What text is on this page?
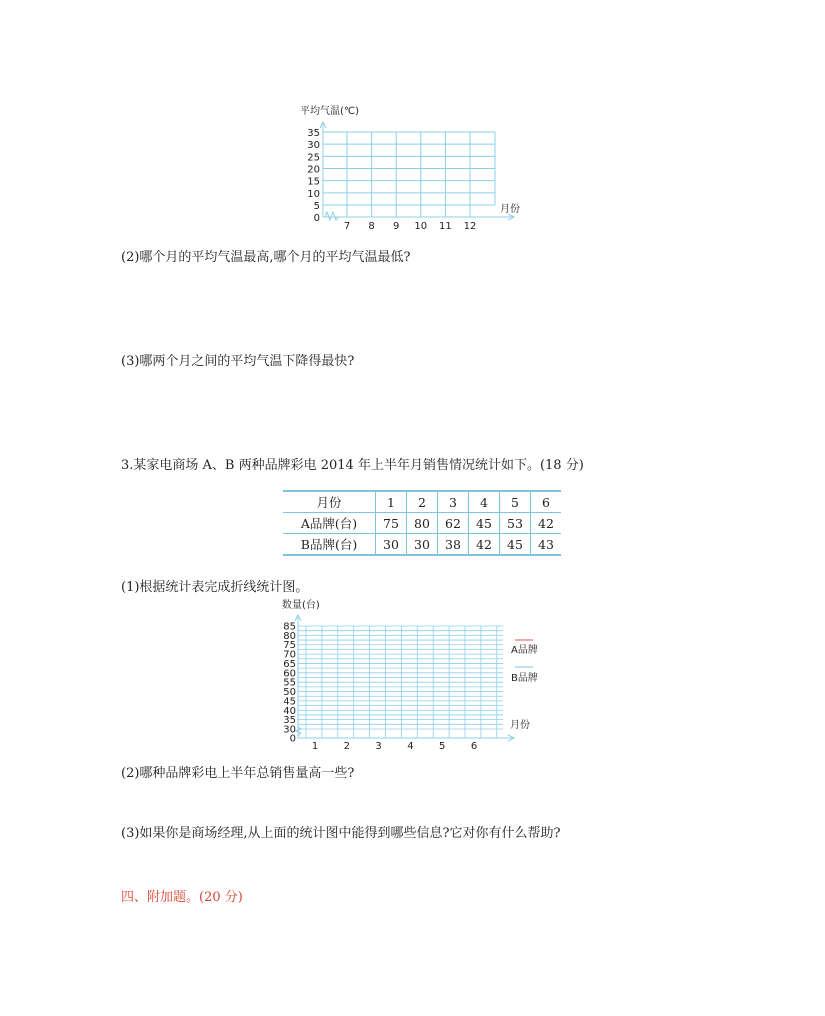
平均气温(℃)
35
30
25
20
15
10
5
0
7 8 9 10 11 12
月份
(2)哪个月的平均气温最高,哪个月的平均气温最低?
(3)哪两个月之间的平均气温下降得最快?
3.某家电商场 A、B 两种品牌彩电 2014 年上半年月销售情况统计如下。(18 分)
月份	1	2	3	4	5	6
A品牌(台)	75	80	62	45	53	42
B品牌(台)	30	30	38	42	45	43
(1)根据统计表完成折线统计图。
数量(台)
85
80
75
70
65
60
55
50
45
40
35
30
0
1	2	3	4	5	6
月份
A品牌
B品牌
(2)哪种品牌彩电上半年总销售量高一些?
(3)如果你是商场经理,从上面的统计图中能得到哪些信息?它对你有什么帮助?
四、附加题。(20 分)
